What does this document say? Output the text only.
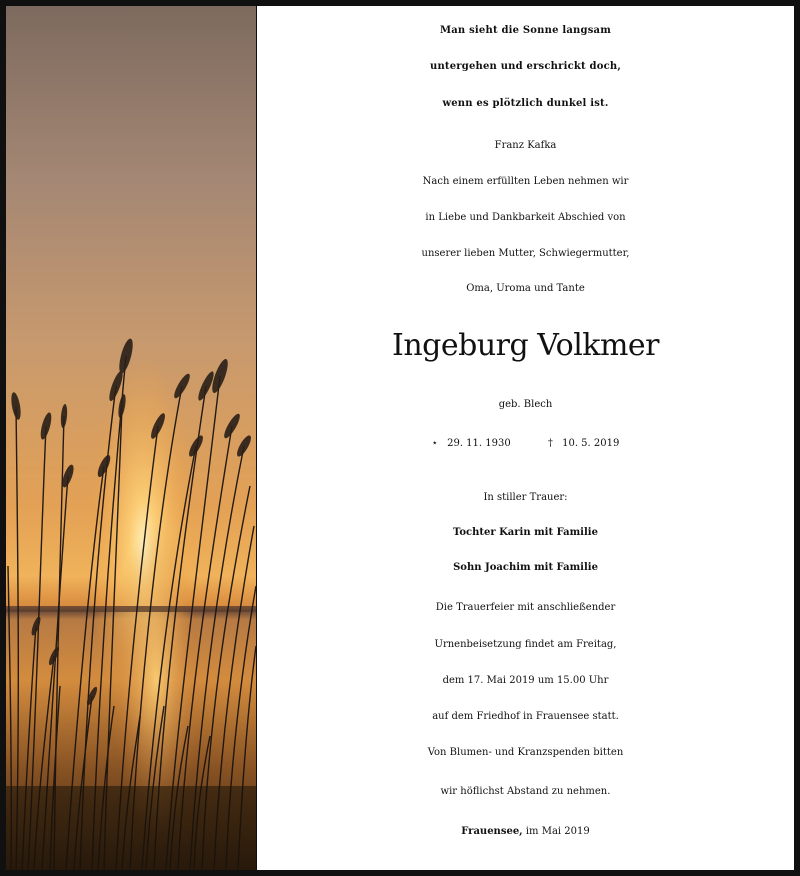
Man sieht die Sonne langsam
untergehen und erschrickt doch,
wenn es plötzlich dunkel ist.
Franz Kafka
Nach einem erfüllten Leben nehmen wir
in Liebe und Dankbarkeit Abschied von
unserer lieben Mutter, Schwiegermutter,
Oma, Uroma und Tante
Ingeburg Volkmer
geb. Blech
⋆ 29. 11. 1930	† 10. 5. 2019
In stiller Trauer:
Tochter Karin mit Familie
Sohn Joachim mit Familie
Die Trauerfeier mit anschließender
Urnenbeisetzung findet am Freitag,
dem 17. Mai 2019 um 15.00 Uhr
auf dem Friedhof in Frauensee statt.
Von Blumen- und Kranzspenden bitten
wir höflichst Abstand zu nehmen.
Frauensee, im Mai 2019
